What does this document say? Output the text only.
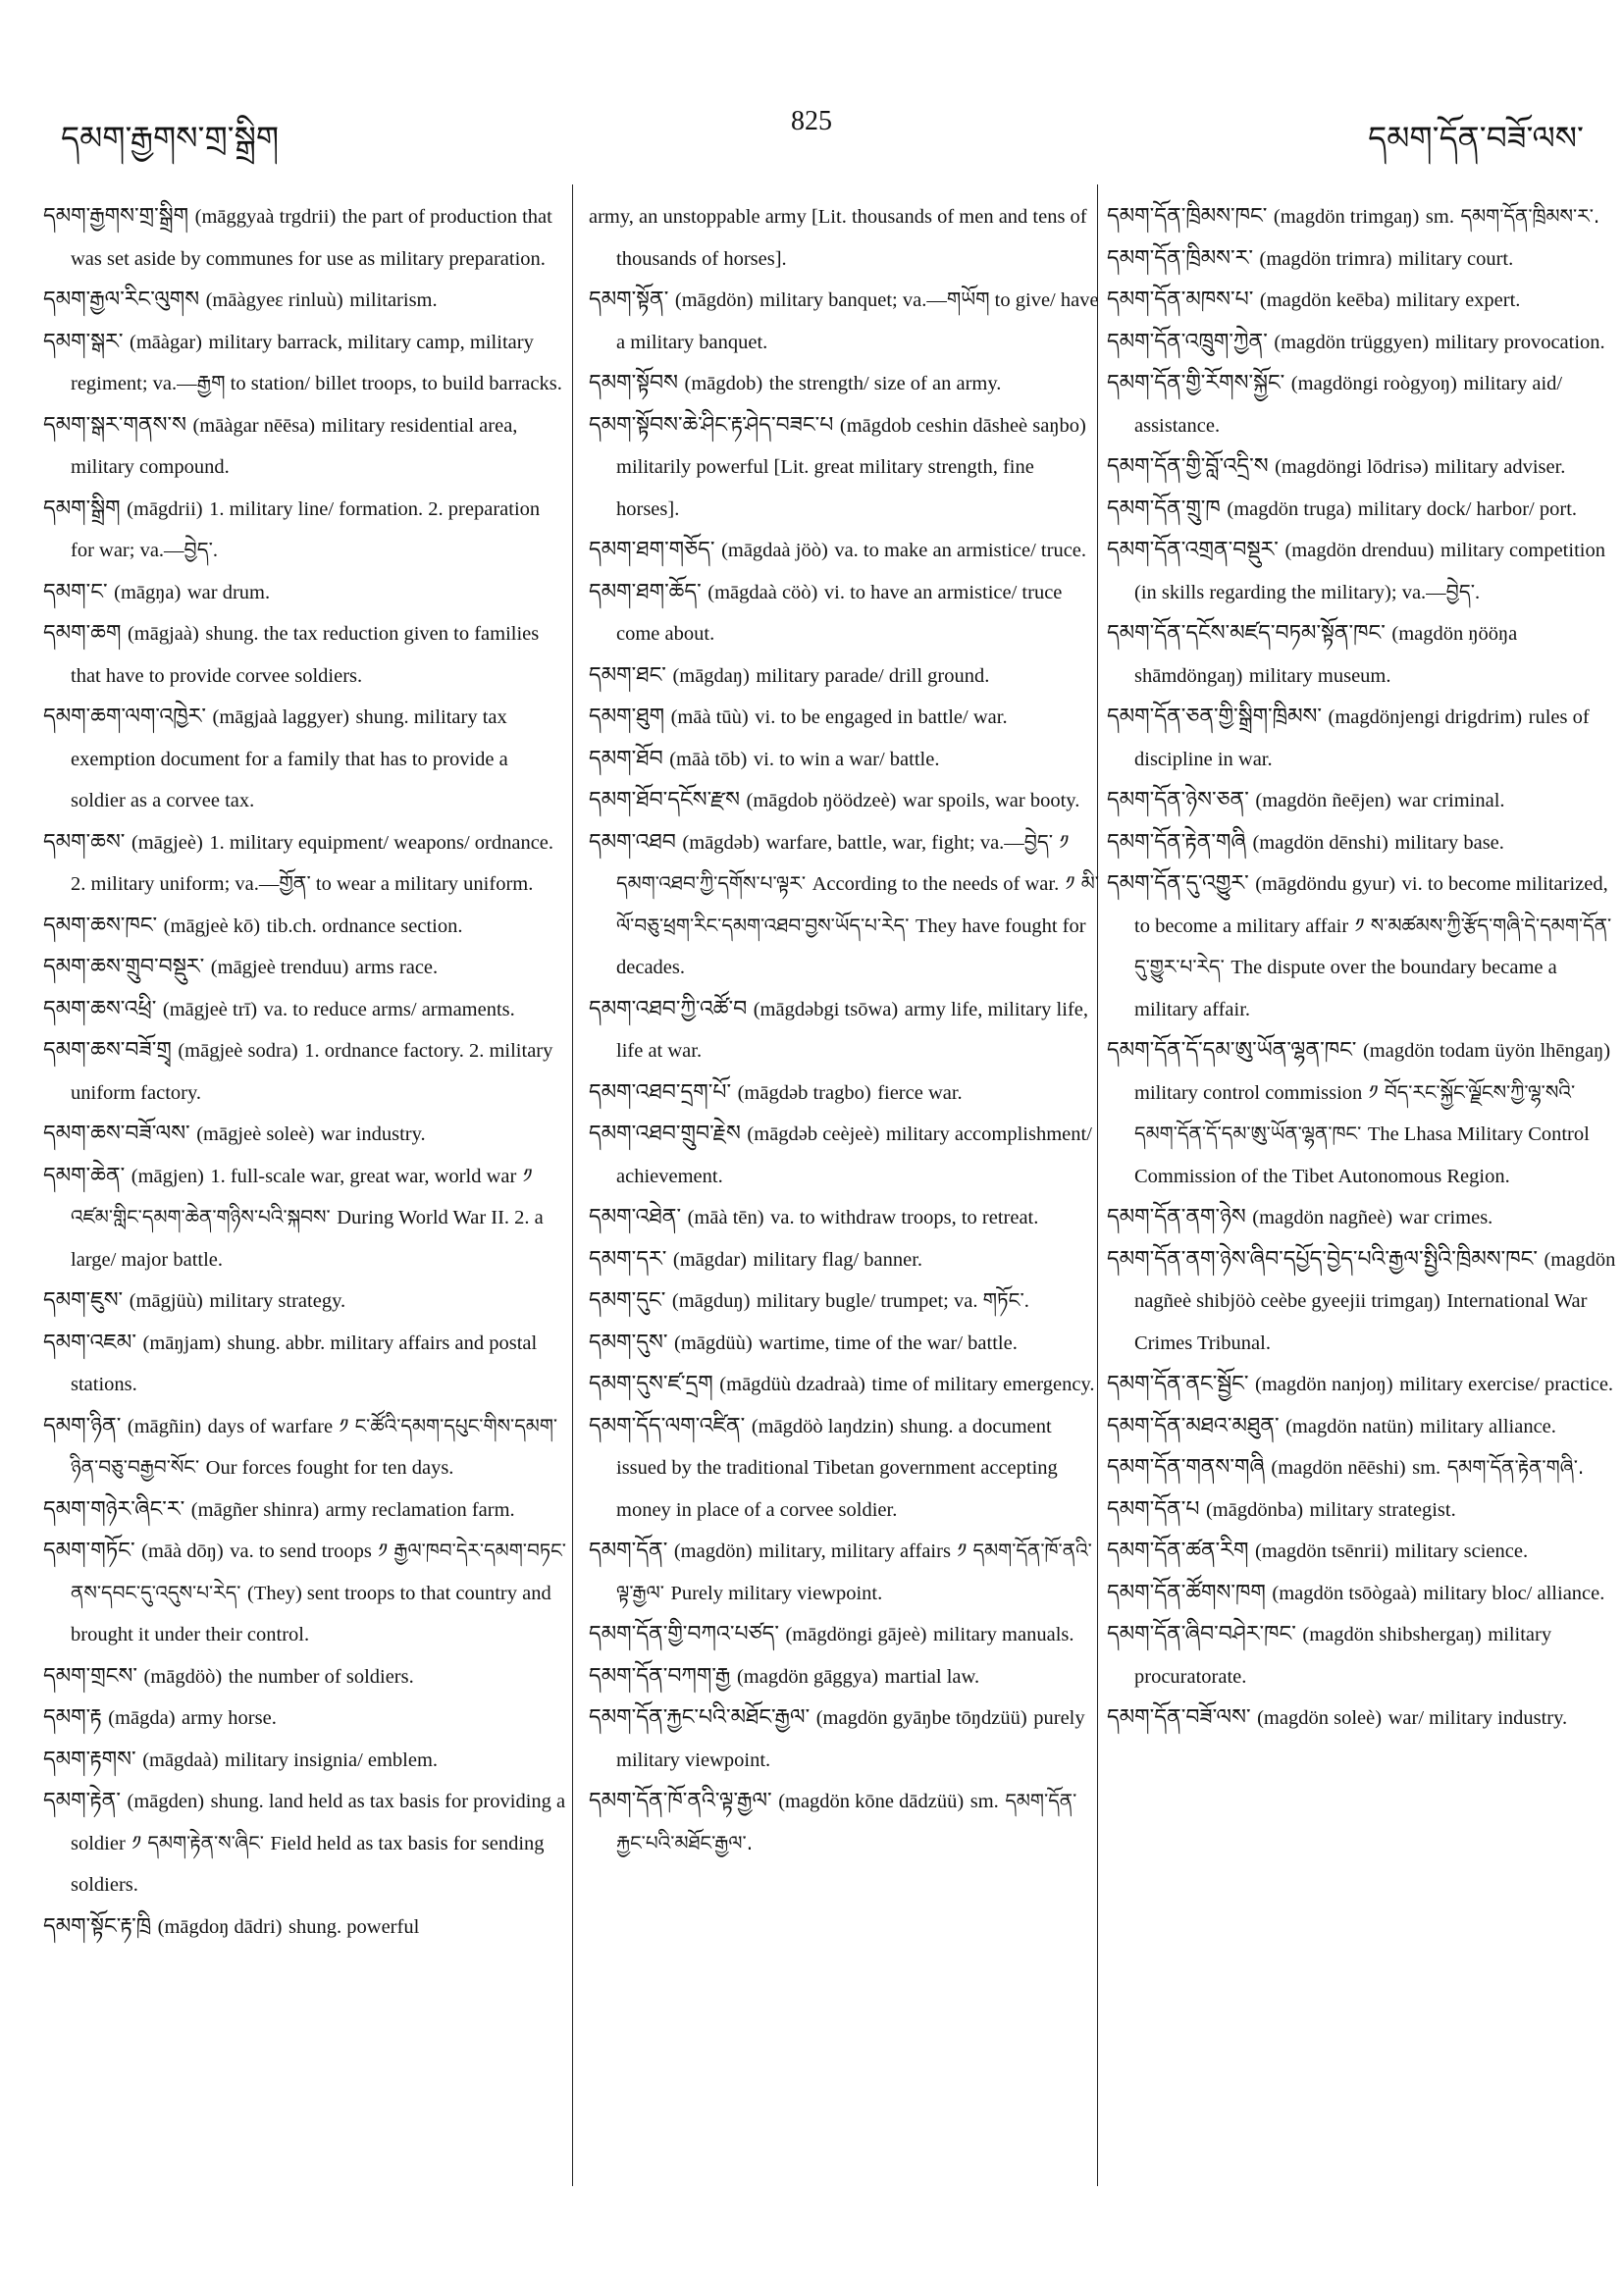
དམག་རྒྱགས་གྲ་སྒྲིག	825	དམག་དོན་བཟོ་ལས་

དམག་རྒྱགས་གྲ་སྒྲིག (māggyaà trgdrii) the part of production that was set aside by communes for use as military preparation.

དམག་རྒྱལ་རིང་ལུགས (māàgyeɛ rinluù) militarism.

དམག་སྒར་ (māàgar) military barrack, military camp, military regiment; va.—རྒྱག to station/ billet troops, to build barracks.

དམག་སྒར་གནས་ས (māàgar nēēsa) military residential area, military compound.

དམག་སྒྲིག (māgdrii) 1. military line/ formation. 2. preparation for war; va.—བྱེད་.

དམག་ང་ (māgŋa) war drum.

དམག་ཆག (māgjaà) shung. the tax reduction given to families that have to provide corvee soldiers.

དམག་ཆག་ལག་འཁྱེར་ (māgjaà laggyer) shung. military tax exemption document for a family that has to provide a soldier as a corvee tax.

དམག་ཆས་ (māgjeè) 1. military equipment/ weapons/ ordnance. 2. military uniform; va.—གྱོན་ to wear a military uniform.

དམག་ཆས་ཁང་ (māgjeè kō) tib.ch. ordnance section.

དམག་ཆས་གྲུབ་བསྡུར་ (māgjeè trenduu) arms race.

དམག་ཆས་འཕྲི་ (māgjeè trī) va. to reduce arms/ armaments.

དམག་ཆས་བཟོ་གྲྭ (māgjeè sodra) 1. ordnance factory. 2. military uniform factory.

དམག་ཆས་བཟོ་ལས་ (māgjeè soleè) war industry.

དམག་ཆེན་ (māgjen) 1. full-scale war, great war, world war ༡ འཛམ་གླིང་དམག་ཆེན་གཉིས་པའི་སྐབས་ During World War II. 2. a large/ major battle.

དམག་ཇུས་ (māgjüù) military strategy.

དམག་འཇམ་ (māŋjam) shung. abbr. military affairs and postal stations.

དམག་ཉིན་ (māgñin) days of warfare ༡ ང་ཚོའི་དམག་དཔུང་གིས་དམག་ཉིན་བཅུ་བརྒྱབ་སོང་ Our forces fought for ten days.

དམག་གཉེར་ཞིང་ར་ (māgñer shinra) army reclamation farm.

དམག་གཏོང་ (māà dōŋ) va. to send troops ༡ རྒྱལ་ཁབ་དེར་དམག་བཏང་ནས་དབང་དུ་འདུས་པ་རེད་ (They) sent troops to that country and brought it under their control.

དམག་གྲངས་ (māgdöò) the number of soldiers.

དམག་རྟ (māgda) army horse.

དམག་རྟགས་ (māgdaà) military insignia/ emblem.

དམག་རྟེན་ (māgden) shung. land held as tax basis for providing a soldier ༡ དམག་རྟེན་ས་ཞིང་ Field held as tax basis for sending soldiers.

དམག་སྟོང་རྟ་ཁྲི (māgdoŋ dādri) shung. powerful

army, an unstoppable army [Lit. thousands of men and tens of thousands of horses].

དམག་སྟོན་ (māgdön) military banquet; va.—གཡོག to give/ have a military banquet.

དམག་སྟོབས (māgdob) the strength/ size of an army.

དམག་སྟོབས་ཆེ་ཤིང་རྟ་ཤེད་བཟང་པ (māgdob ceshin dāsheè saŋbo) militarily powerful [Lit. great military strength, fine horses].

དམག་ཐག་གཅོད་ (māgdaà jöò) va. to make an armistice/ truce.

དམག་ཐག་ཆོད་ (māgdaà cöò) vi. to have an armistice/ truce come about.

དམག་ཐང་ (māgdaŋ) military parade/ drill ground.

དམག་ཐུག (māà tūù) vi. to be engaged in battle/ war.

དམག་ཐོབ (māà tōb) vi. to win a war/ battle.

དམག་ཐོབ་དངོས་རྫས (māgdob ŋöödzeè) war spoils, war booty.

དམག་འཐབ (māgdəb) warfare, battle, war, fight; va.—བྱེད་ ༡ དམག་འཐབ་ཀྱི་དགོས་པ་ལྟར་ According to the needs of war. ༡ མི་ལོ་བཅུ་ཕྲག་རིང་དམག་འཐབ་བྱས་ཡོད་པ་རེད་ They have fought for decades.

དམག་འཐབ་ཀྱི་འཚོ་བ (māgdəbgi tsōwa) army life, military life, life at war.

དམག་འཐབ་དྲག་པོ་ (māgdəb tragbo) fierce war.

དམག་འཐབ་གྲུབ་རྗེས (māgdəb ceèjeè) military accomplishment/ achievement.

དམག་འཐེན་ (māà tēn) va. to withdraw troops, to retreat.

དམག་དར་ (māgdar) military flag/ banner.

དམག་དུང་ (māgduŋ) military bugle/ trumpet; va. གཏོང་.

དམག་དུས་ (māgdüù) wartime, time of the war/ battle.

དམག་དུས་ཛ་དྲག (māgdüù dzadraà) time of military emergency.

དམག་དོད་ལག་འཛིན་ (māgdöò laŋdzin) shung. a document issued by the traditional Tibetan government accepting money in place of a corvee soldier.

དམག་དོན་ (magdön) military, military affairs ༡ དམག་དོན་ཁོ་ནའི་ལྟ་རྒྱལ་ Purely military viewpoint.

དམག་དོན་གྱི་བཀའ་པཙད་ (māgdöngi gājeè) military manuals.

དམག་དོན་བཀག་རྒྱ (magdön gāggya) martial law.

དམག་དོན་རྐྱང་པའི་མཐོང་རྒྱལ་ (magdön gyāŋbe tōŋdzüü) purely military viewpoint.

དམག་དོན་ཁོ་ནའི་ལྟ་རྒྱལ་ (magdön kōne dādzüü) sm. དམག་དོན་རྐྱང་པའི་མཐོང་རྒྱལ་.

དམག་དོན་ཁྲིམས་ཁང་ (magdön trimgaŋ) sm. དམག་དོན་ཁྲིམས་ར་.

དམག་དོན་ཁྲིམས་ར་ (magdön trimra) military court.

དམག་དོན་མཁས་པ་ (magdön keēba) military expert.

དམག་དོན་འཁྲུག་ཀྱེན་ (magdön trüggyen) military provocation.

དམག་དོན་གྱི་རོགས་སྐྱོང་ (magdöngi roògyoŋ) military aid/ assistance.

དམག་དོན་གྱི་བློ་འདྲི་ས (magdöngi lōdrisə) military adviser.

དམག་དོན་གྲུ་ཁ (magdön truga) military dock/ harbor/ port.

དམག་དོན་འགྲན་བསྡུར་ (magdön drenduu) military competition (in skills regarding the military); va.—བྱེད་.

དམག་དོན་དངོས་མཛད་བཏམ་སྟོན་ཁང་ (magdön ŋööŋa shāmdöngaŋ) military museum.

དམག་དོན་ཅན་གྱི་སྒྲིག་ཁྲིམས་ (magdönjengi drigdrim) rules of discipline in war.

དམག་དོན་ཉེས་ཅན་ (magdön ñeējen) war criminal.

དམག་དོན་རྟེན་གཞི (magdön dēnshi) military base.

དམག་དོན་དུ་འགྱུར་ (māgdöndu gyur) vi. to become militarized, to become a military affair ༡ ས་མཚམས་ཀྱི་རྩོད་གཞི་དེ་དམག་དོན་དུ་གྱུར་པ་རེད་ The dispute over the boundary became a military affair.

དམག་དོན་དོ་དམ་ཨུ་ཡོན་ལྷན་ཁང་ (magdön todam üyön lhēngaŋ) military control commission ༡ བོད་རང་སྐྱོང་ལྗོངས་ཀྱི་ལྷ་སའི་དམག་དོན་དོ་དམ་ཨུ་ཡོན་ལྷན་ཁང་ The Lhasa Military Control Commission of the Tibet Autonomous Region.

དམག་དོན་ནག་ཉེས (magdön nagñeè) war crimes.

དམག་དོན་ནག་ཉེས་ཞིབ་དཔྱོད་བྱེད་པའི་རྒྱལ་སྤྱིའི་ཁྲིམས་ཁང་ (magdön nagñeè shibjöò ceèbe gyeejii trimgaŋ) International War Crimes Tribunal.

དམག་དོན་ནང་སྦྱོང་ (magdön nanjoŋ) military exercise/ practice.

དམག་དོན་མཐའ་མཐུན་ (magdön natün) military alliance.

དམག་དོན་གནས་གཞི (magdön nēēshi) sm. དམག་དོན་རྟེན་གཞི་.

དམག་དོན་པ (māgdönba) military strategist.

དམག་དོན་ཚན་རིག (magdön tsēnrii) military science.

དམག་དོན་ཚོགས་ཁག (magdön tsōògaà) military bloc/ alliance.

དམག་དོན་ཞིབ་བཤེར་ཁང་ (magdön shibshergaŋ) military procuratorate.

དམག་དོན་བཟོ་ལས་ (magdön soleè) war/ military industry.
